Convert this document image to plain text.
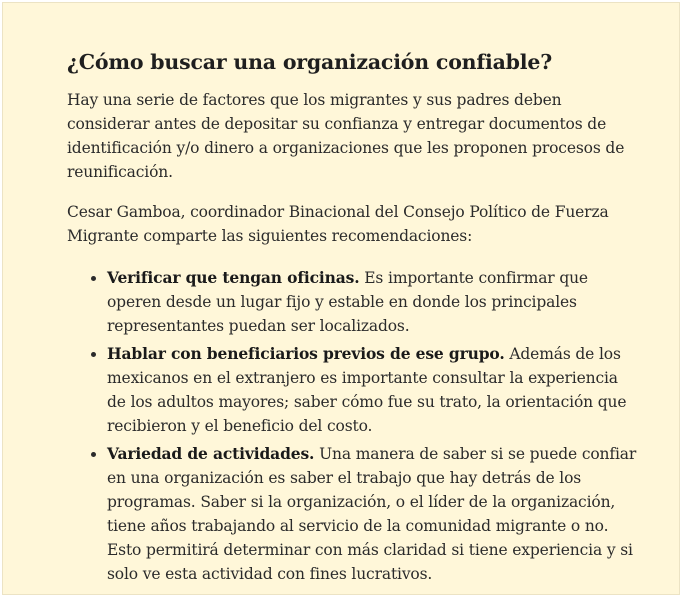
¿Cómo buscar una organización confiable?

Hay una serie de factores que los migrantes y sus padres deben considerar antes de depositar su confianza y entregar documentos de identificación y/o dinero a organizaciones que les proponen procesos de reunificación.

Cesar Gamboa, coordinador Binacional del Consejo Político de Fuerza Migrante comparte las siguientes recomendaciones:

• Verificar que tengan oficinas. Es importante confirmar que operen desde un lugar fijo y estable en donde los principales representantes puedan ser localizados.
• Hablar con beneficiarios previos de ese grupo. Además de los mexicanos en el extranjero es importante consultar la experiencia de los adultos mayores; saber cómo fue su trato, la orientación que recibieron y el beneficio del costo.
• Variedad de actividades. Una manera de saber si se puede confiar en una organización es saber el trabajo que hay detrás de los programas. Saber si la organización, o el líder de la organización, tiene años trabajando al servicio de la comunidad migrante o no. Esto permitirá determinar con más claridad si tiene experiencia y si solo ve esta actividad con fines lucrativos.
